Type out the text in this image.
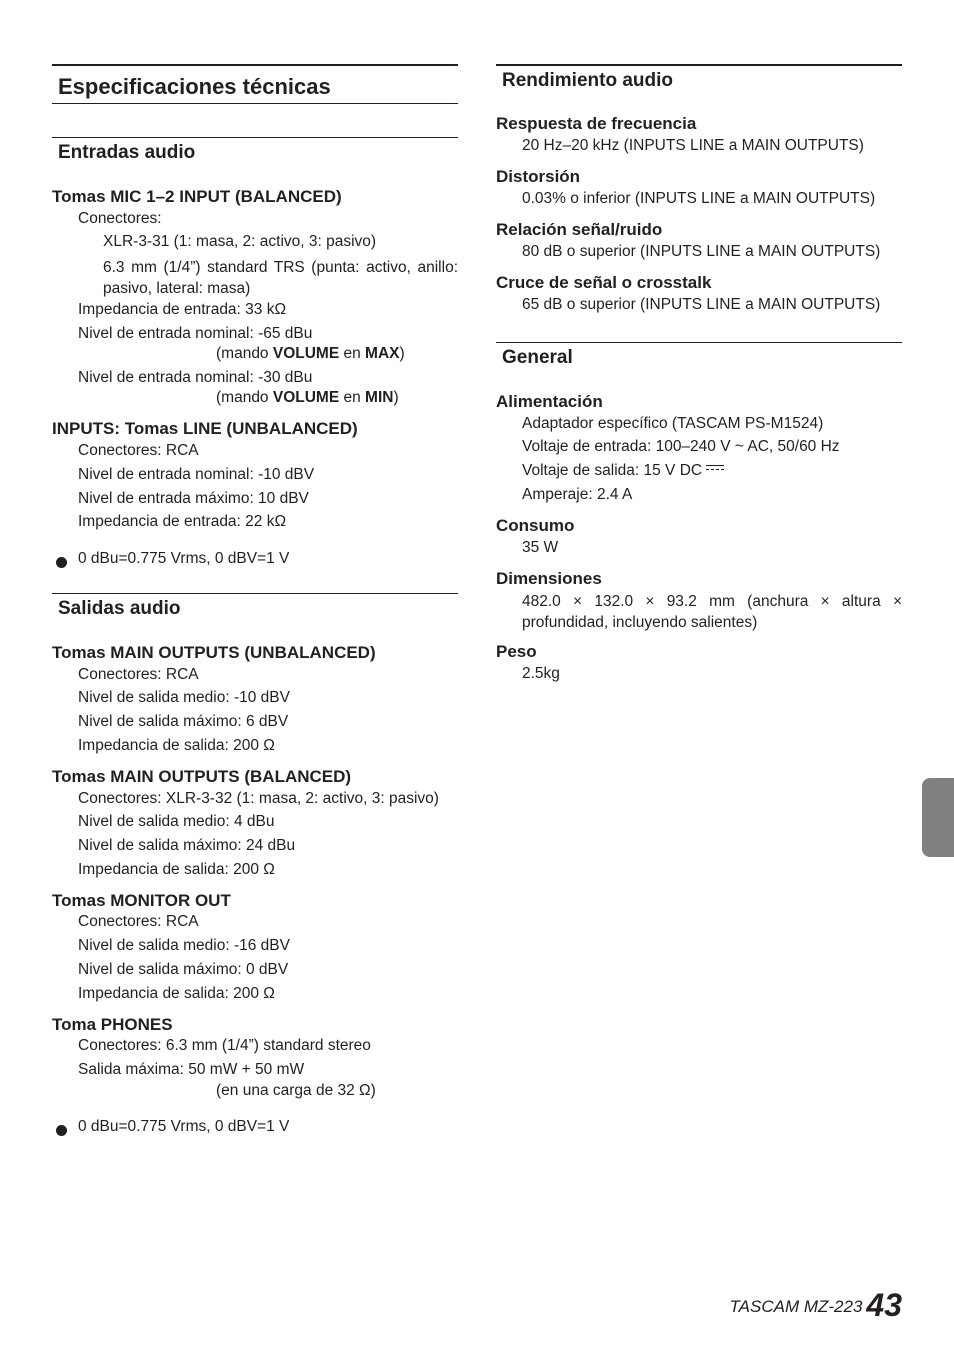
Especificaciones técnicas
Entradas audio
Tomas MIC 1–2 INPUT (BALANCED)
Conectores:
XLR-3-31 (1: masa, 2: activo, 3: pasivo)
6.3 mm (1/4”) standard TRS (punta: activo, anillo: pasivo, lateral: masa)
Impedancia de entrada: 33 kΩ
Nivel de entrada nominal: -65 dBu
(mando VOLUME en MAX)
Nivel de entrada nominal: -30 dBu
(mando VOLUME en MIN)
INPUTS: Tomas LINE (UNBALANCED)
Conectores: RCA
Nivel de entrada nominal: -10 dBV
Nivel de entrada máximo: 10 dBV
Impedancia de entrada: 22 kΩ
0 dBu=0.775 Vrms, 0 dBV=1 V
Salidas audio
Tomas MAIN OUTPUTS (UNBALANCED)
Conectores: RCA
Nivel de salida medio: -10 dBV
Nivel de salida máximo: 6 dBV
Impedancia de salida: 200 Ω
Tomas MAIN OUTPUTS (BALANCED)
Conectores: XLR-3-32 (1: masa, 2: activo, 3: pasivo)
Nivel de salida medio: 4 dBu
Nivel de salida máximo: 24 dBu
Impedancia de salida: 200 Ω
Tomas MONITOR OUT
Conectores: RCA
Nivel de salida medio: -16 dBV
Nivel de salida máximo: 0 dBV
Impedancia de salida: 200 Ω
Toma PHONES
Conectores: 6.3 mm (1/4”) standard stereo
Salida máxima: 50 mW + 50 mW
(en una carga de 32 Ω)
0 dBu=0.775 Vrms, 0 dBV=1 V
Rendimiento audio
Respuesta de frecuencia
20 Hz–20 kHz (INPUTS LINE a MAIN OUTPUTS)
Distorsión
0.03% o inferior (INPUTS LINE a MAIN OUTPUTS)
Relación señal/ruido
80 dB o superior (INPUTS LINE a MAIN OUTPUTS)
Cruce de señal o crosstalk
65 dB o superior (INPUTS LINE a MAIN OUTPUTS)
General
Alimentación
Adaptador específico (TASCAM PS-M1524)
Voltaje de entrada: 100–240 V ~ AC, 50/60 Hz
Voltaje de salida: 15 V DC
Amperaje: 2.4 A
Consumo
35 W
Dimensiones
482.0 × 132.0 × 93.2 mm (anchura × altura × profundidad, incluyendo salientes)
Peso
2.5kg
TASCAM MZ-223 43
